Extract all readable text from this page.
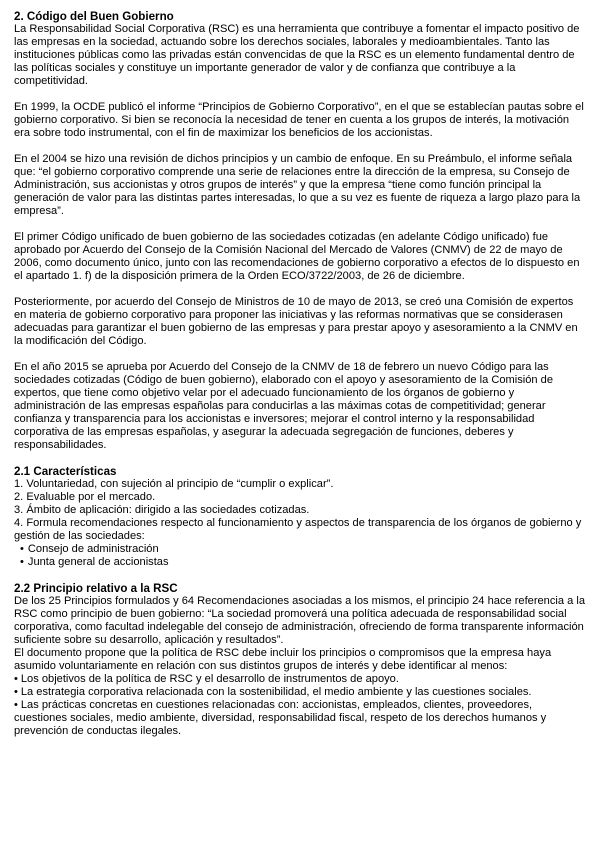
2. Código del Buen Gobierno

La Responsabilidad Social Corporativa (RSC) es una herramienta que contribuye a fomentar el impacto positivo de las empresas en la sociedad, actuando sobre los derechos sociales, laborales y medioambientales. Tanto las instituciones públicas como las privadas están convencidas de que la RSC es un elemento fundamental dentro de las políticas sociales y constituye un importante generador de valor y de confianza que contribuye a la competitividad.

En 1999, la OCDE publicó el informe “Principios de Gobierno Corporativo”, en el que se establecían pautas sobre el gobierno corporativo. Si bien se reconocía la necesidad de tener en cuenta a los grupos de interés, la motivación era sobre todo instrumental, con el fin de maximizar los beneficios de los accionistas.

En el 2004 se hizo una revisión de dichos principios y un cambio de enfoque. En su Preámbulo, el informe señala que: “el gobierno corporativo comprende una serie de relaciones entre la dirección de la empresa, su Consejo de Administración, sus accionistas y otros grupos de interés” y que la empresa “tiene como función principal la generación de valor para las distintas partes interesadas, lo que a su vez es fuente de riqueza a largo plazo para la empresa”.

El primer Código unificado de buen gobierno de las sociedades cotizadas (en adelante Código unificado) fue aprobado por Acuerdo del Consejo de la Comisión Nacional del Mercado de Valores (CNMV) de 22 de mayo de 2006, como documento único, junto con las recomendaciones de gobierno corporativo a efectos de lo dispuesto en el apartado 1. f) de la disposición primera de la Orden ECO/3722/2003, de 26 de diciembre.

Posteriormente, por acuerdo del Consejo de Ministros de 10 de mayo de 2013, se creó una Comisión de expertos en materia de gobierno corporativo para proponer las iniciativas y las reformas normativas que se considerasen adecuadas para garantizar el buen gobierno de las empresas y para prestar apoyo y asesoramiento a la CNMV en la modificación del Código.

En el año 2015 se aprueba por Acuerdo del Consejo de la CNMV de 18 de febrero un nuevo Código para las sociedades cotizadas (Código de buen gobierno), elaborado con el apoyo y asesoramiento de la Comisión de expertos, que tiene como objetivo velar por el adecuado funcionamiento de los órganos de gobierno y administración de las empresas españolas para conducirlas a las máximas cotas de competitividad; generar confianza y transparencia para los accionistas e inversores; mejorar el control interno y la responsabilidad corporativa de las empresas españolas, y asegurar la adecuada segregación de funciones, deberes y responsabilidades.

2.1 Características

1. Voluntariedad, con sujeción al principio de “cumplir o explicar”.

2. Evaluable por el mercado.

3. Ámbito de aplicación: dirigido a las sociedades cotizadas.

4. Formula recomendaciones respecto al funcionamiento y aspectos de transparencia de los órganos de gobierno y gestión de las sociedades:

• Consejo de administración
• Junta general de accionistas
2.2 Principio relativo a la RSC

De los 25 Principios formulados y 64 Recomendaciones asociadas a los mismos, el principio 24 hace referencia a la RSC como principio de buen gobierno: “La sociedad promoverá una política adecuada de responsabilidad social corporativa, como facultad indelegable del consejo de administración, ofreciendo de forma transparente información suficiente sobre su desarrollo, aplicación y resultados”.

El documento propone que la política de RSC debe incluir los principios o compromisos que la empresa haya asumido voluntariamente en relación con sus distintos grupos de interés y debe identificar al menos:

• Los objetivos de la política de RSC y el desarrollo de instrumentos de apoyo.

• La estrategia corporativa relacionada con la sostenibilidad, el medio ambiente y las cuestiones sociales.

• Las prácticas concretas en cuestiones relacionadas con: accionistas, empleados, clientes, proveedores, cuestiones sociales, medio ambiente, diversidad, responsabilidad fiscal, respeto de los derechos humanos y prevención de conductas ilegales.
